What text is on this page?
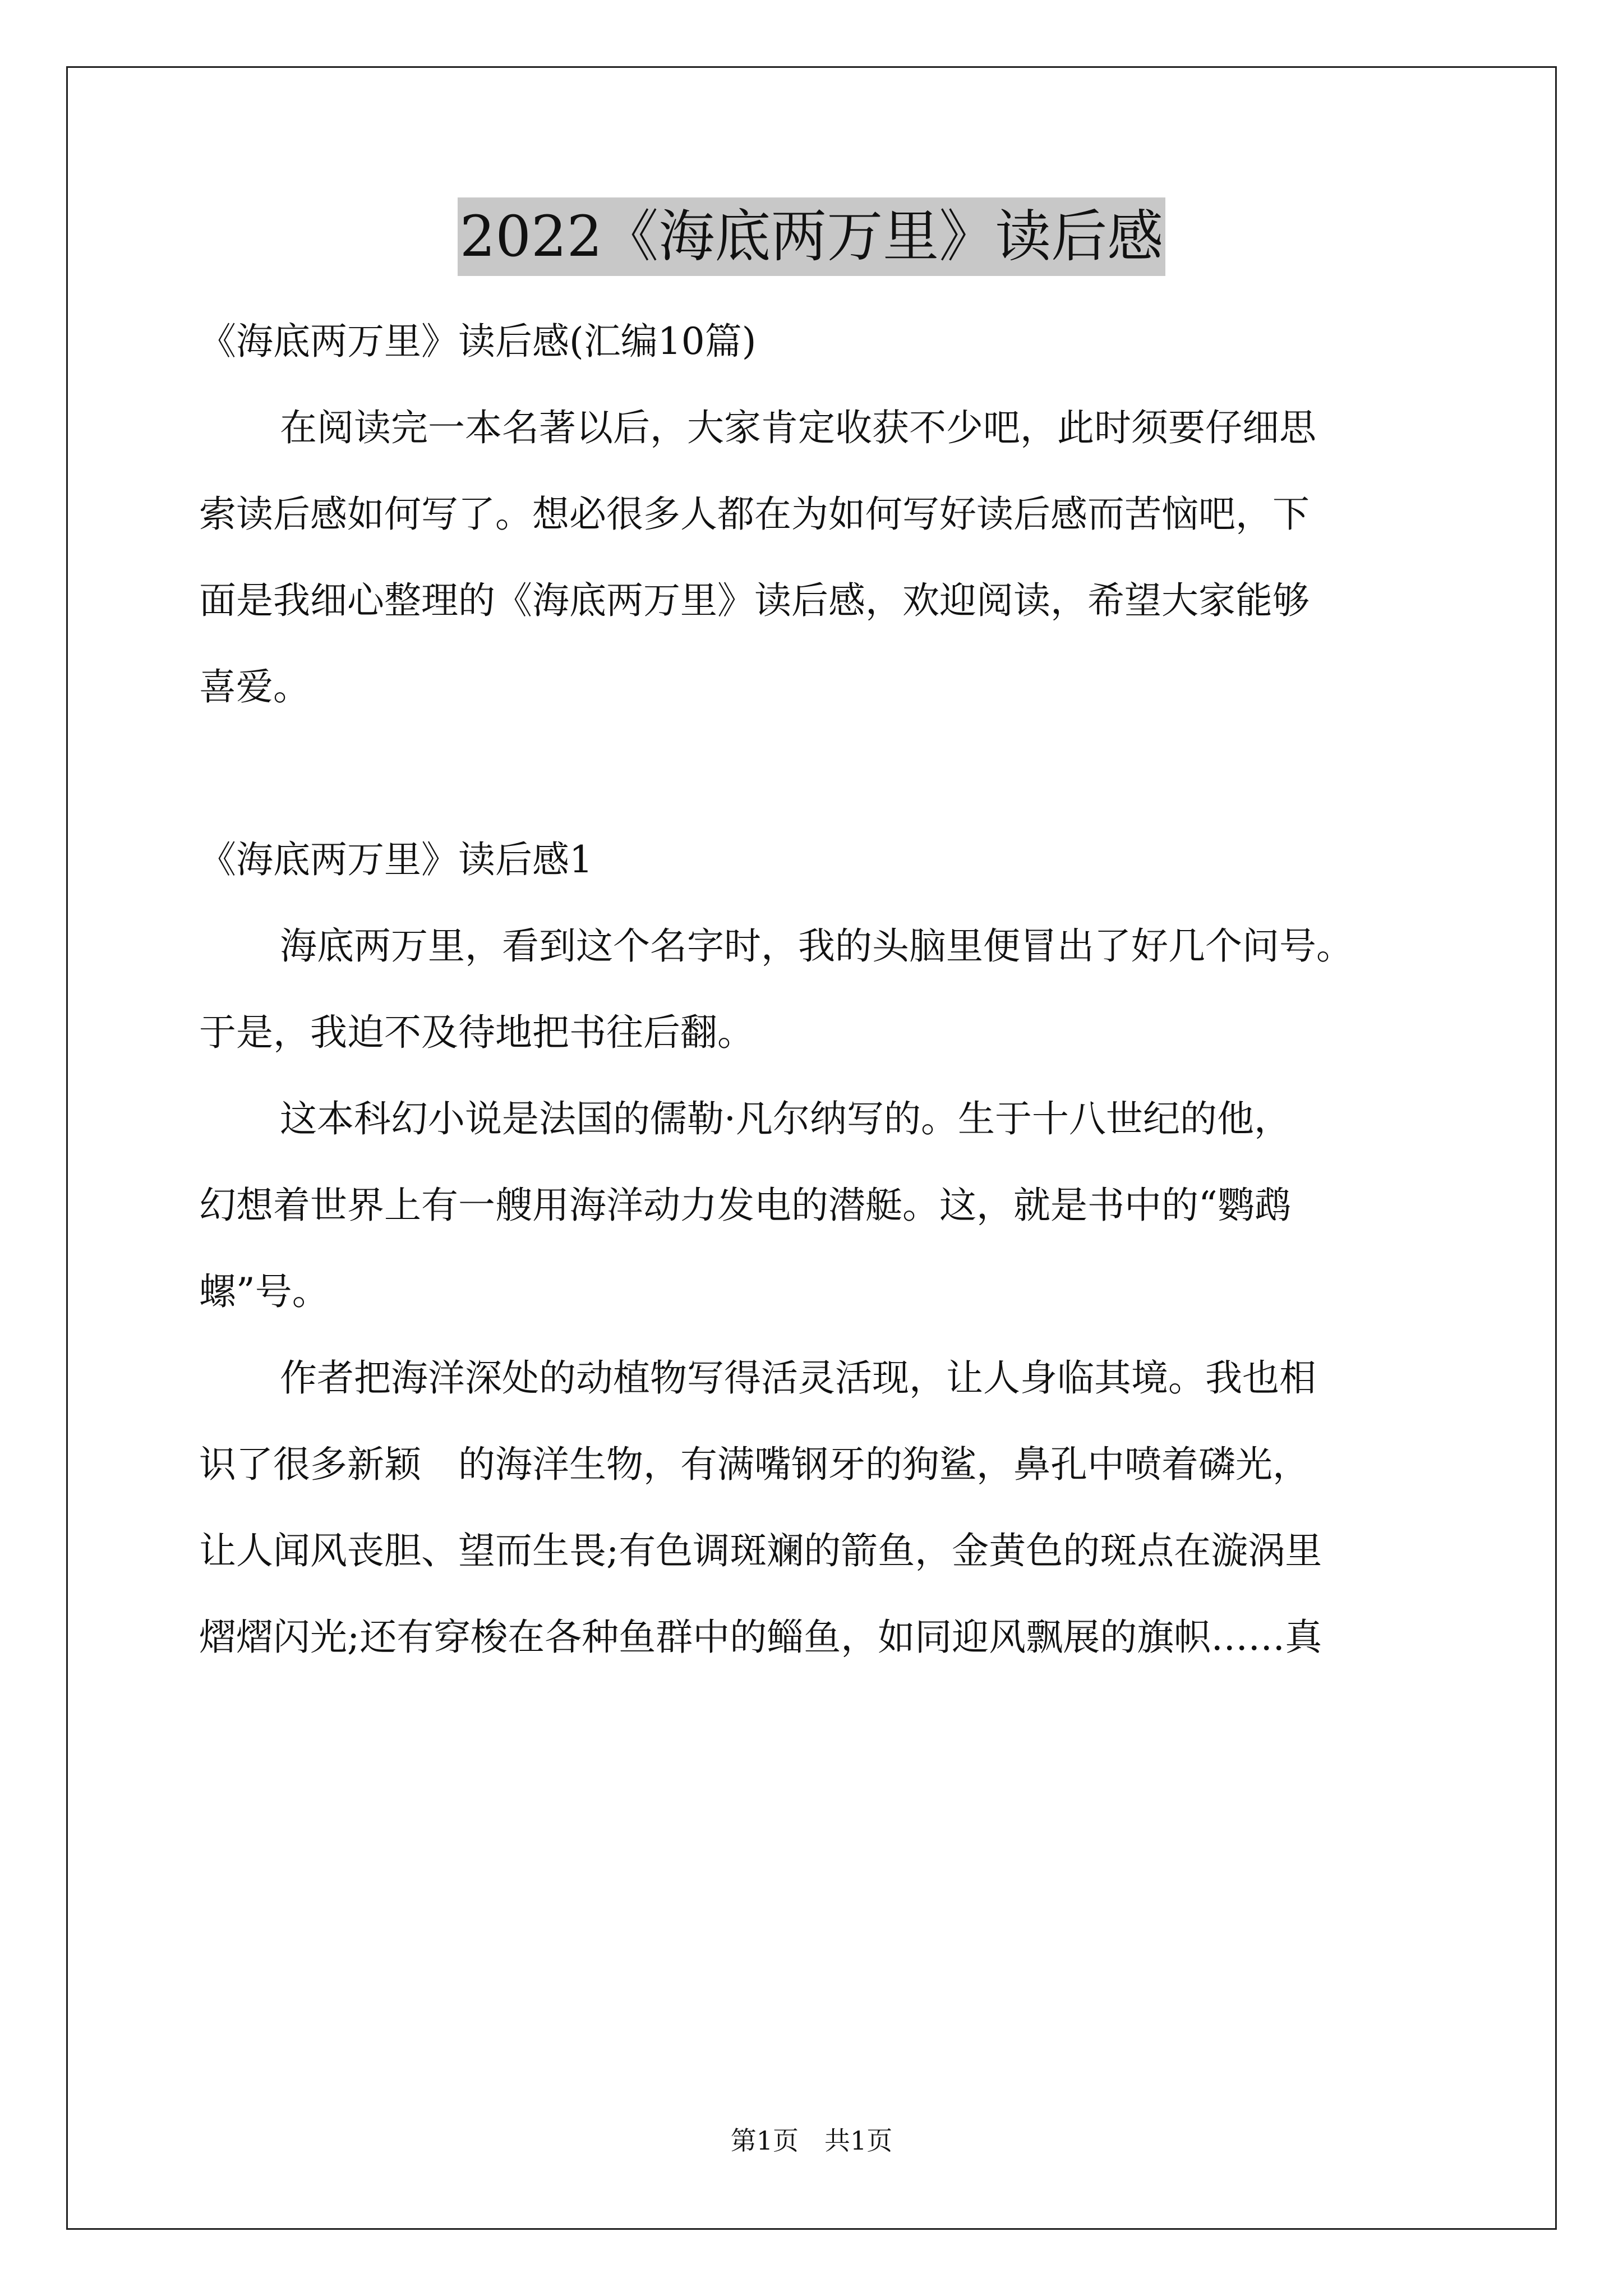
2022《海底两万里》读后感
《海底两万里》读后感(汇编10篇)
在阅读完一本名著以后，大家肯定收获不少吧，此时须要仔细思
索读后感如何写了。想必很多人都在为如何写好读后感而苦恼吧，下
面是我细心整理的《海底两万里》读后感，欢迎阅读，希望大家能够
喜爱。
《海底两万里》读后感1
海底两万里，看到这个名字时，我的头脑里便冒出了好几个问号。
于是，我迫不及待地把书往后翻。
这本科幻小说是法国的儒勒·凡尔纳写的。生于十八世纪的他，
幻想着世界上有一艘用海洋动力发电的潜艇。这，就是书中的“鹦鹉
螺”号。
作者把海洋深处的动植物写得活灵活现，让人身临其境。我也相
识了很多新颖　的海洋生物，有满嘴钢牙的狗鲨，鼻孔中喷着磷光，
让人闻风丧胆、望而生畏;有色调斑斓的箭鱼，金黄色的斑点在漩涡里
熠熠闪光;还有穿梭在各种鱼群中的鲻鱼，如同迎风飘展的旗帜……真
第1页　共1页
